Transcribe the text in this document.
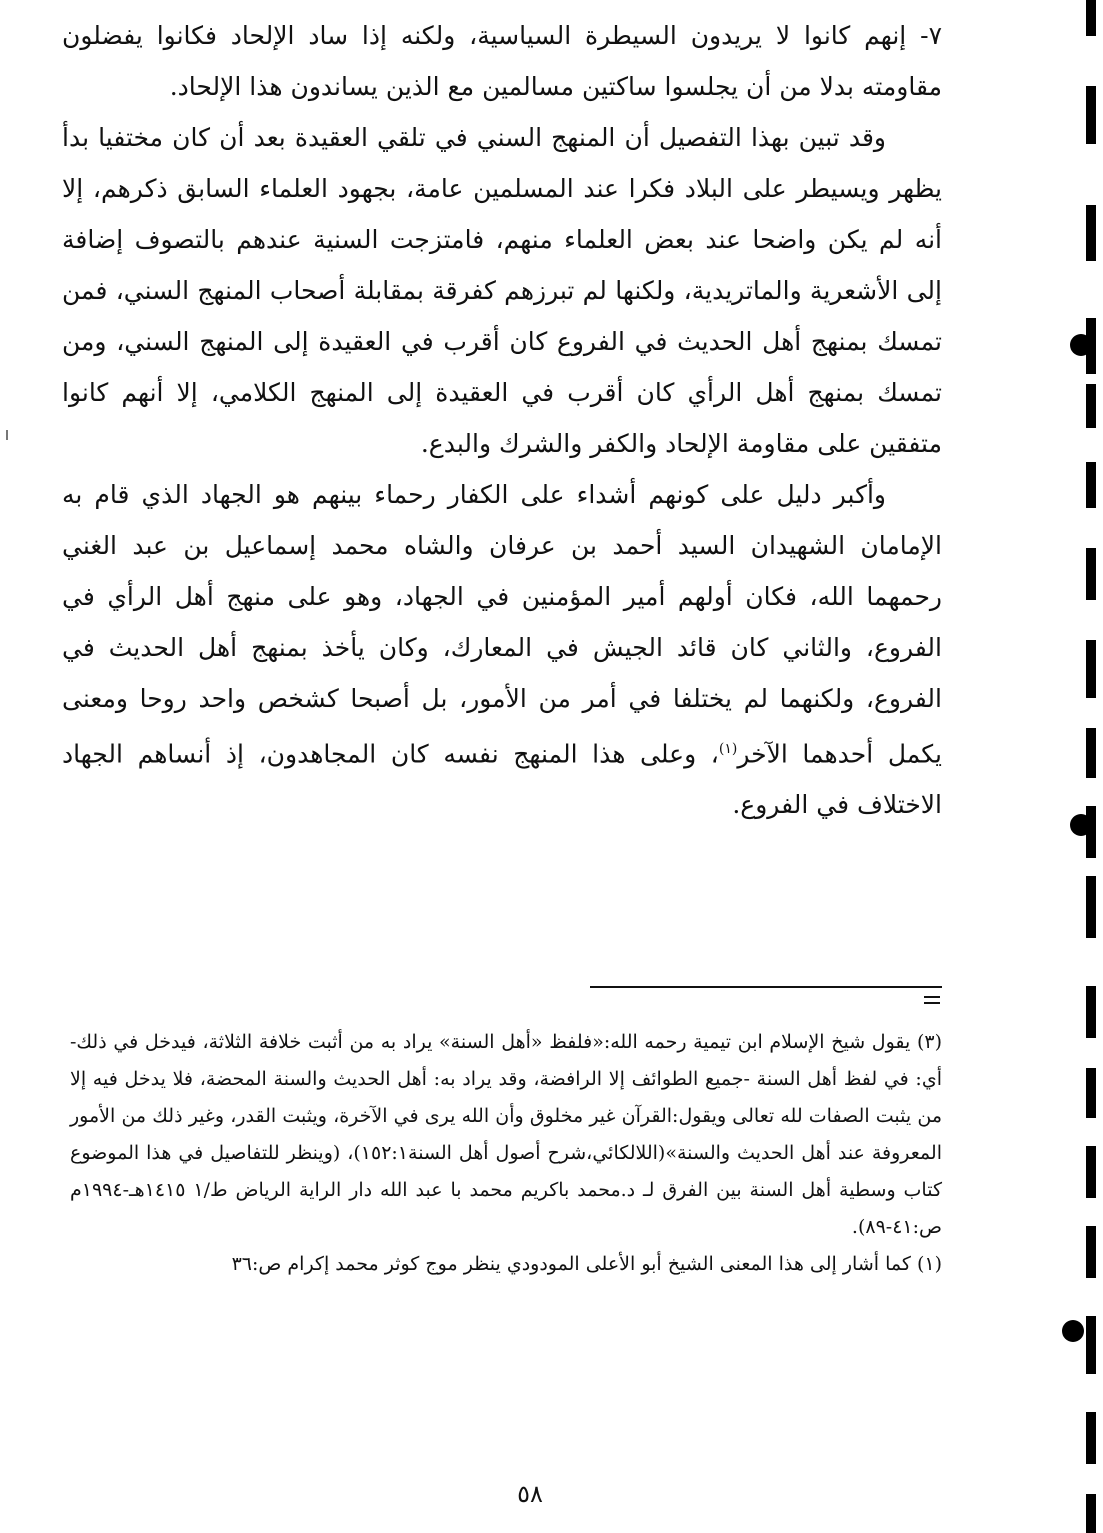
٧- إنهم كانوا لا يريدون السيطرة السياسية، ولكنه إذا ساد الإلحاد فكانوا يفضلون مقاومته بدلا من أن يجلسوا ساكتين مسالمين مع الذين يساندون هذا الإلحاد.

وقد تبين بهذا التفصيل أن المنهج السني في تلقي العقيدة بعد أن كان مختفيا بدأ يظهر ويسيطر على البلاد فكرا عند المسلمين عامة، بجهود العلماء السابق ذكرهم، إلا أنه لم يكن واضحا عند بعض العلماء منهم، فامتزجت السنية عندهم بالتصوف إضافة إلى الأشعرية والماتريدية، ولكنها لم تبرزهم كفرقة بمقابلة أصحاب المنهج السني، فمن تمسك بمنهج أهل الحديث في الفروع كان أقرب في العقيدة إلى المنهج السني، ومن تمسك بمنهج أهل الرأي كان أقرب في العقيدة إلى المنهج الكلامي، إلا أنهم كانوا متفقين على مقاومة الإلحاد والكفر والشرك والبدع.

وأكبر دليل على كونهم أشداء على الكفار رحماء بينهم هو الجهاد الذي قام به الإمامان الشهيدان السيد أحمد بن عرفان والشاه محمد إسماعيل بن عبد الغني رحمهما الله، فكان أولهم أمير المؤمنين في الجهاد، وهو على منهج أهل الرأي في الفروع، والثاني كان قائد الجيش في المعارك، وكان يأخذ بمنهج أهل الحديث في الفروع، ولكنهما لم يختلفا في أمر من الأمور، بل أصبحا كشخص واحد روحا ومعنى يكمل أحدهما الآخر$^{(١)}$، وعلى هذا المنهج نفسه كان المجاهدون، إذ أنساهم الجهاد الاختلاف في الفروع.

(٣) يقول شيخ الإسلام ابن تيمية رحمه الله:«فلفظ «أهل السنة» يراد به من أثبت خلافة الثلاثة، فيدخل في ذلك-أي: في لفظ أهل السنة -جميع الطوائف إلا الرافضة، وقد يراد به: أهل الحديث والسنة المحضة، فلا يدخل فيه إلا من يثبت الصفات لله تعالى ويقول:القرآن غير مخلوق وأن الله يرى في الآخرة، ويثبت القدر، وغير ذلك من الأمور المعروفة عند أهل الحديث والسنة»(اللالكائي،شرح أصول أهل السنة١٥٢:١)، (وينظر للتفاصيل في هذا الموضوع كتاب وسطية أهل السنة بين الفرق لـ د.محمد باكريم محمد با عبد الله دار الراية الرياض ط/١ ١٤١٥هـ-١٩٩٤م ص:٤١-٨٩).

(١) كما أشار إلى هذا المعنى الشيخ أبو الأعلى المودودي ينظر موج كوثر محمد إكرام ص:٣٦

٥٨
